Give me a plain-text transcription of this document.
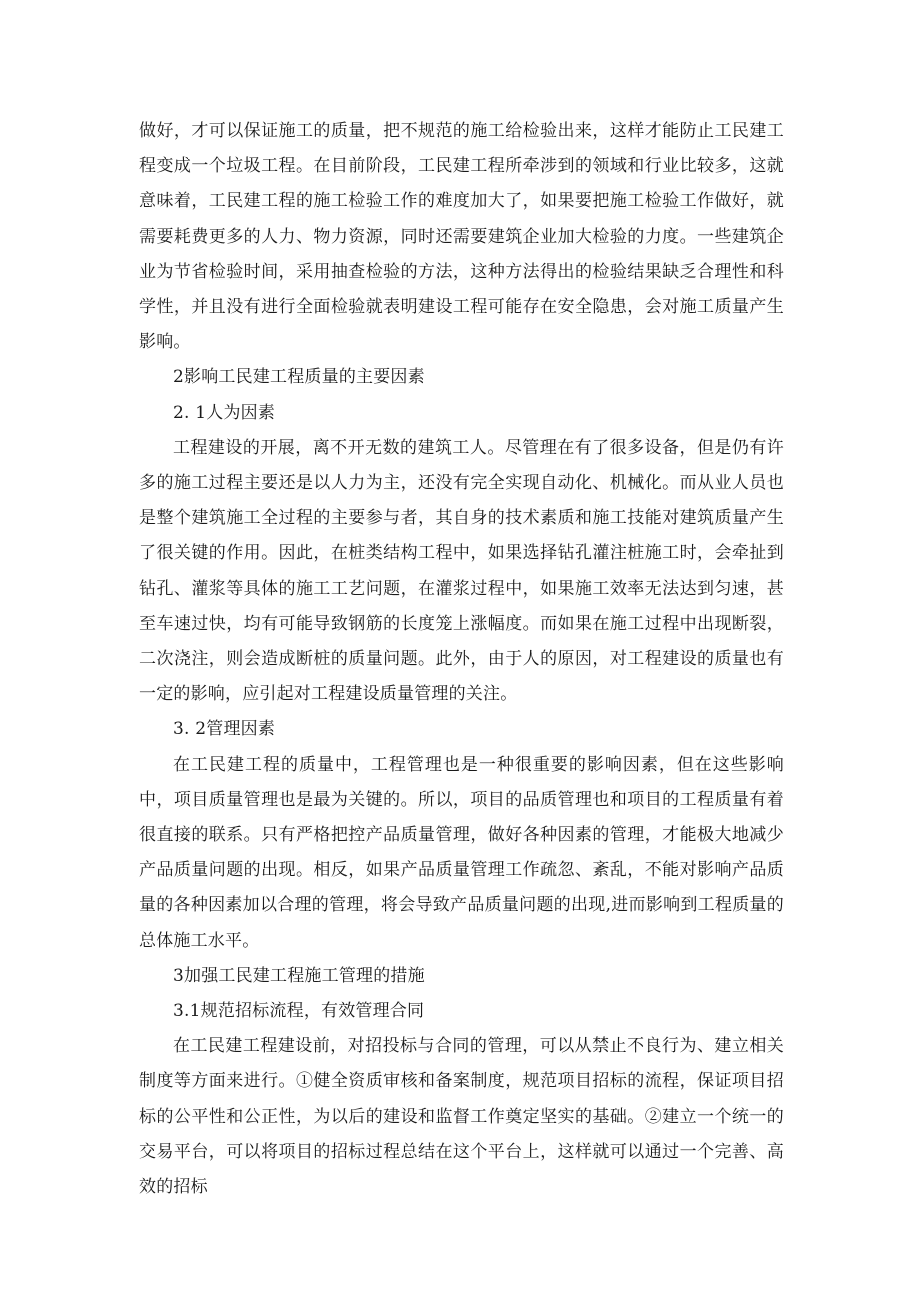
做好，才可以保证施工的质量，把不规范的施工给检验出来，这样才能防止工民建工程变成一个垃圾工程。在目前阶段，工民建工程所牵涉到的领域和行业比较多，这就意味着，工民建工程的施工检验工作的难度加大了，如果要把施工检验工作做好，就需要耗费更多的人力、物力资源，同时还需要建筑企业加大检验的力度。一些建筑企业为节省检验时间，采用抽查检验的方法，这种方法得出的检验结果缺乏合理性和科学性，并且没有进行全面检验就表明建设工程可能存在安全隐患，会对施工质量产生影响。

2影响工民建工程质量的主要因素

2. 1人为因素

工程建设的开展，离不开无数的建筑工人。尽管理在有了很多设备，但是仍有许多的施工过程主要还是以人力为主，还没有完全实现自动化、机械化。而从业人员也是整个建筑施工全过程的主要参与者，其自身的技术素质和施工技能对建筑质量产生了很关键的作用。因此，在桩类结构工程中，如果选择钻孔灌注桩施工时，会牵扯到钻孔、灌浆等具体的施工工艺问题，在灌浆过程中，如果施工效率无法达到匀速，甚至车速过快，均有可能导致钢筋的长度笼上涨幅度。而如果在施工过程中出现断裂，二次浇注，则会造成断桩的质量问题。此外，由于人的原因，对工程建设的质量也有一定的影响，应引起对工程建设质量管理的关注。

3. 2管理因素

在工民建工程的质量中，工程管理也是一种很重要的影响因素，但在这些影响中，项目质量管理也是最为关键的。所以，项目的品质管理也和项目的工程质量有着很直接的联系。只有严格把控产品质量管理，做好各种因素的管理，才能极大地减少产品质量问题的出现。相反，如果产品质量管理工作疏忽、紊乱，不能对影响产品质量的各种因素加以合理的管理，将会导致产品质量问题的出现,进而影响到工程质量的总体施工水平。

3加强工民建工程施工管理的措施

3.1规范招标流程，有效管理合同

在工民建工程建设前，对招投标与合同的管理，可以从禁止不良行为、建立相关制度等方面来进行。①健全资质审核和备案制度，规范项目招标的流程，保证项目招标的公平性和公正性，为以后的建设和监督工作奠定坚实的基础。②建立一个统一的交易平台，可以将项目的招标过程总结在这个平台上，这样就可以通过一个完善、高效的招标
